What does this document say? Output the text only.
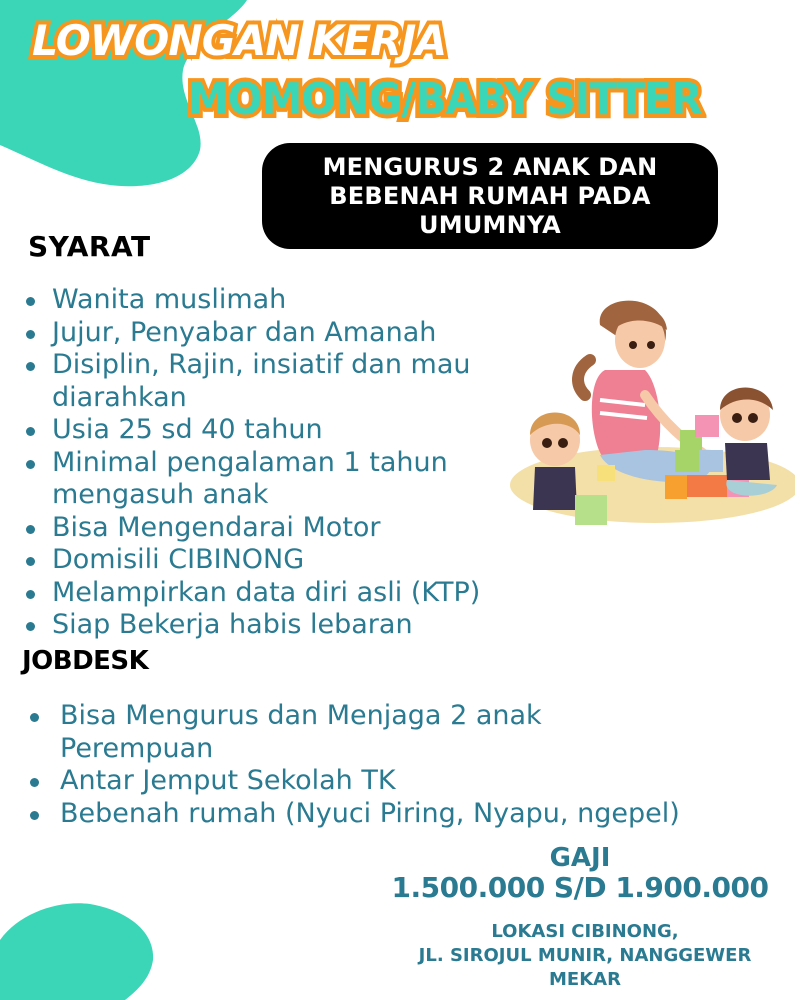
LOWONGAN KERJA
MOMONG/BABY SITTER
MENGURUS 2 ANAK DAN BEBENAH RUMAH PADA UMUMNYA
SYARAT
Wanita muslimah
Jujur, Penyabar dan Amanah
Disiplin, Rajin, insiatif dan mau diarahkan
Usia 25 sd 40 tahun
Minimal pengalaman 1 tahun mengasuh anak
Bisa Mengendarai Motor
Domisili CIBINONG
Melampirkan data diri asli (KTP)
Siap Bekerja habis lebaran
JOBDESK
Bisa Mengurus dan Menjaga 2 anak Perempuan
Antar Jemput Sekolah TK
Bebenah rumah (Nyuci Piring, Nyapu, ngepel)
GAJI
1.500.000 S/D 1.900.000
LOKASI CIBINONG,
JL. SIROJUL MUNIR, NANGGEWER
MEKAR
